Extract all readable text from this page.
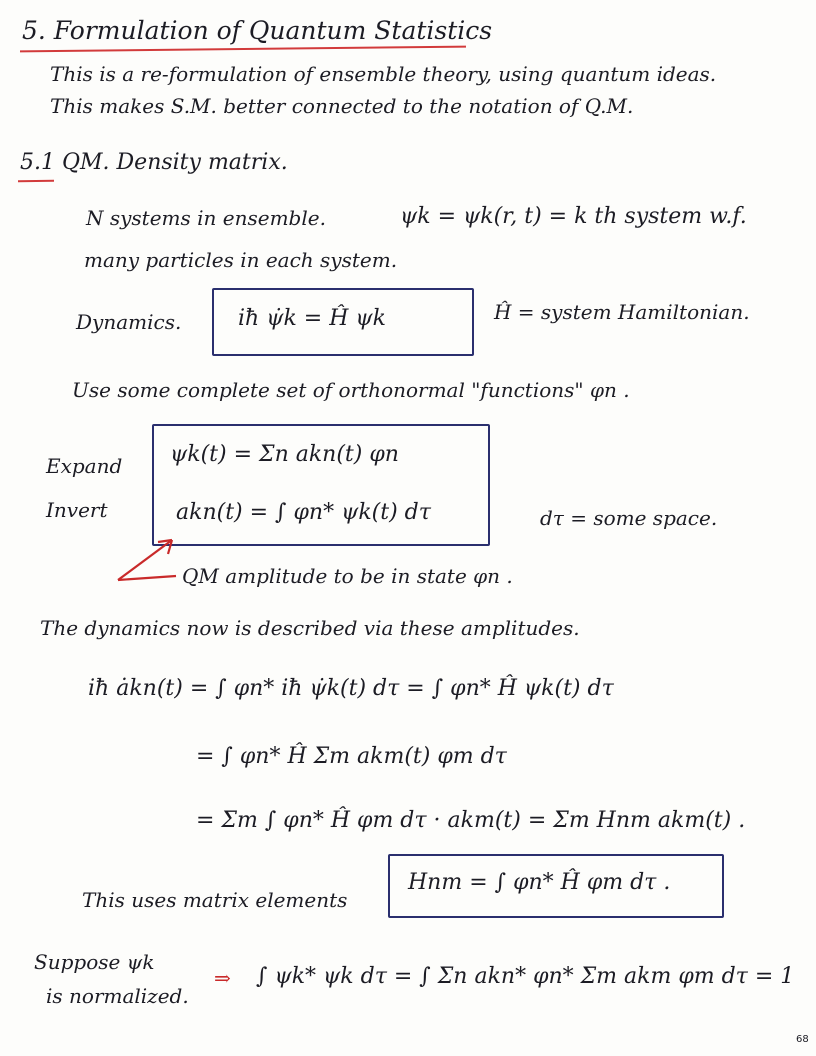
5. Formulation of Quantum Statistics
This is a re-formulation of ensemble theory, using quantum ideas.
This makes S.M. better connected to the notation of Q.M.
5.1 QM. Density matrix.
N systems in ensemble.	ψk = ψk(r, t) = k th system w.f.
many particles in each system.
Dynamics.	iħ ψ̇k = Ĥ ψk	Ĥ = system Hamiltonian.
Use some complete set of orthonormal "functions" φn .
Expand
Invert
ψk(t) = Σn akn(t) φn
akn(t) = ∫ φn* ψk(t) dτ	dτ = some space.
QM amplitude to be in state φn .
The dynamics now is described via these amplitudes.
iħ ȧkn(t) = ∫ φn* iħ ψ̇k(t) dτ = ∫ φn* Ĥ ψk(t) dτ
= ∫ φn* Ĥ Σm akm(t) φm dτ
= Σm ∫ φn* Ĥ φm dτ · akm(t) = Σm Hnm akm(t) .
This uses matrix elements
Hnm = ∫ φn* Ĥ φm dτ .
Suppose ψk
is normalized.
⇒ ∫ ψk* ψk dτ = ∫ Σn akn* φn* Σm akm φm dτ = 1
68
